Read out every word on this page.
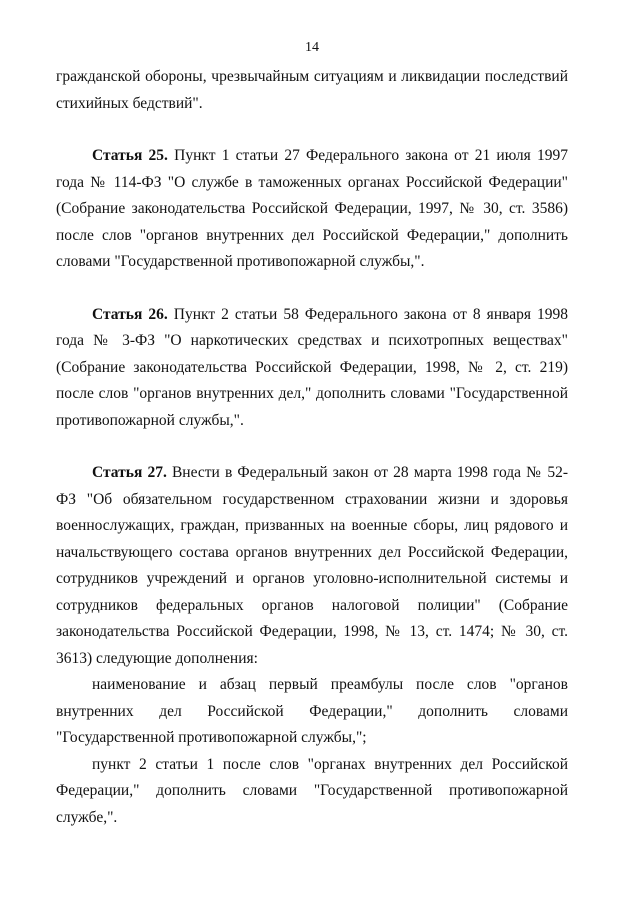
14

гражданской обороны, чрезвычайным ситуациям и ликвидации последствий стихийных бедствий".

Статья 25. Пункт 1 статьи 27 Федерального закона от 21 июля 1997 года № 114-ФЗ "О службе в таможенных органах Российской Федерации" (Собрание законодательства Российской Федерации, 1997, № 30, ст. 3586) после слов "органов внутренних дел Российской Федерации," дополнить словами "Государственной противопожарной службы,".

Статья 26. Пункт 2 статьи 58 Федерального закона от 8 января 1998 года № 3-ФЗ "О наркотических средствах и психотропных веществах" (Собрание законодательства Российской Федерации, 1998, № 2, ст. 219) после слов "органов внутренних дел," дополнить словами "Государственной противопожарной службы,".

Статья 27. Внести в Федеральный закон от 28 марта 1998 года № 52-ФЗ "Об обязательном государственном страховании жизни и здоровья военнослужащих, граждан, призванных на военные сборы, лиц рядового и начальствующего состава органов внутренних дел Российской Федерации, сотрудников учреждений и органов уголовно-исполнительной системы и сотрудников федеральных органов налоговой полиции" (Собрание законодательства Российской Федерации, 1998, № 13, ст. 1474; № 30, ст. 3613) следующие дополнения:

наименование и абзац первый преамбулы после слов "органов внутренних дел Российской Федерации," дополнить словами "Государственной противопожарной службы,";

пункт 2 статьи 1 после слов "органах внутренних дел Российской Федерации," дополнить словами "Государственной противопожарной службе,".
